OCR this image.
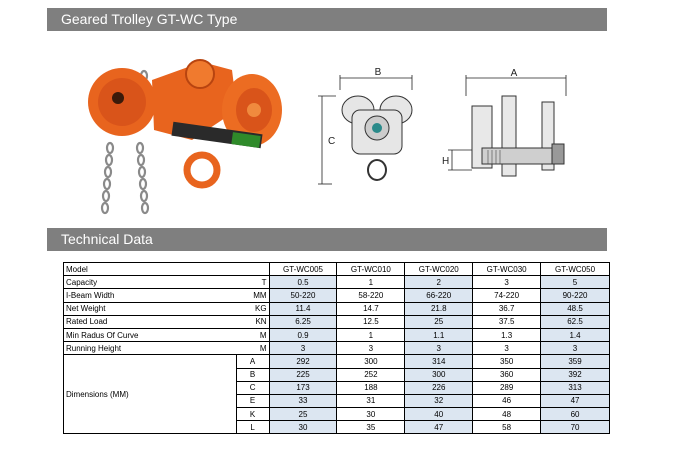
Geared Trolley GT-WC Type
B
C
A
H
Technical Data
Model		GT-WC005	GT-WC010	GT-WC020	GT-WC030	GT-WC050
Capacity	T	0.5	1	2	3	5
I-Beam Width	MM	50-220	58-220	66-220	74-220	90-220
Net Weight	KG	11.4	14.7	21.8	36.7	48.5
Rated Load	KN	6.25	12.5	25	37.5	62.5
Min Radus Of Curve	M	0.9	1	1.1	1.3	1.4
Running Height	M	3	3	3	3	3
Dimensions (MM)	A	292	300	314	350	359
	B	225	252	300	360	392
	C	173	188	226	289	313
	E	33	31	32	46	47
	K	25	30	40	48	60
	L	30	35	47	58	70
